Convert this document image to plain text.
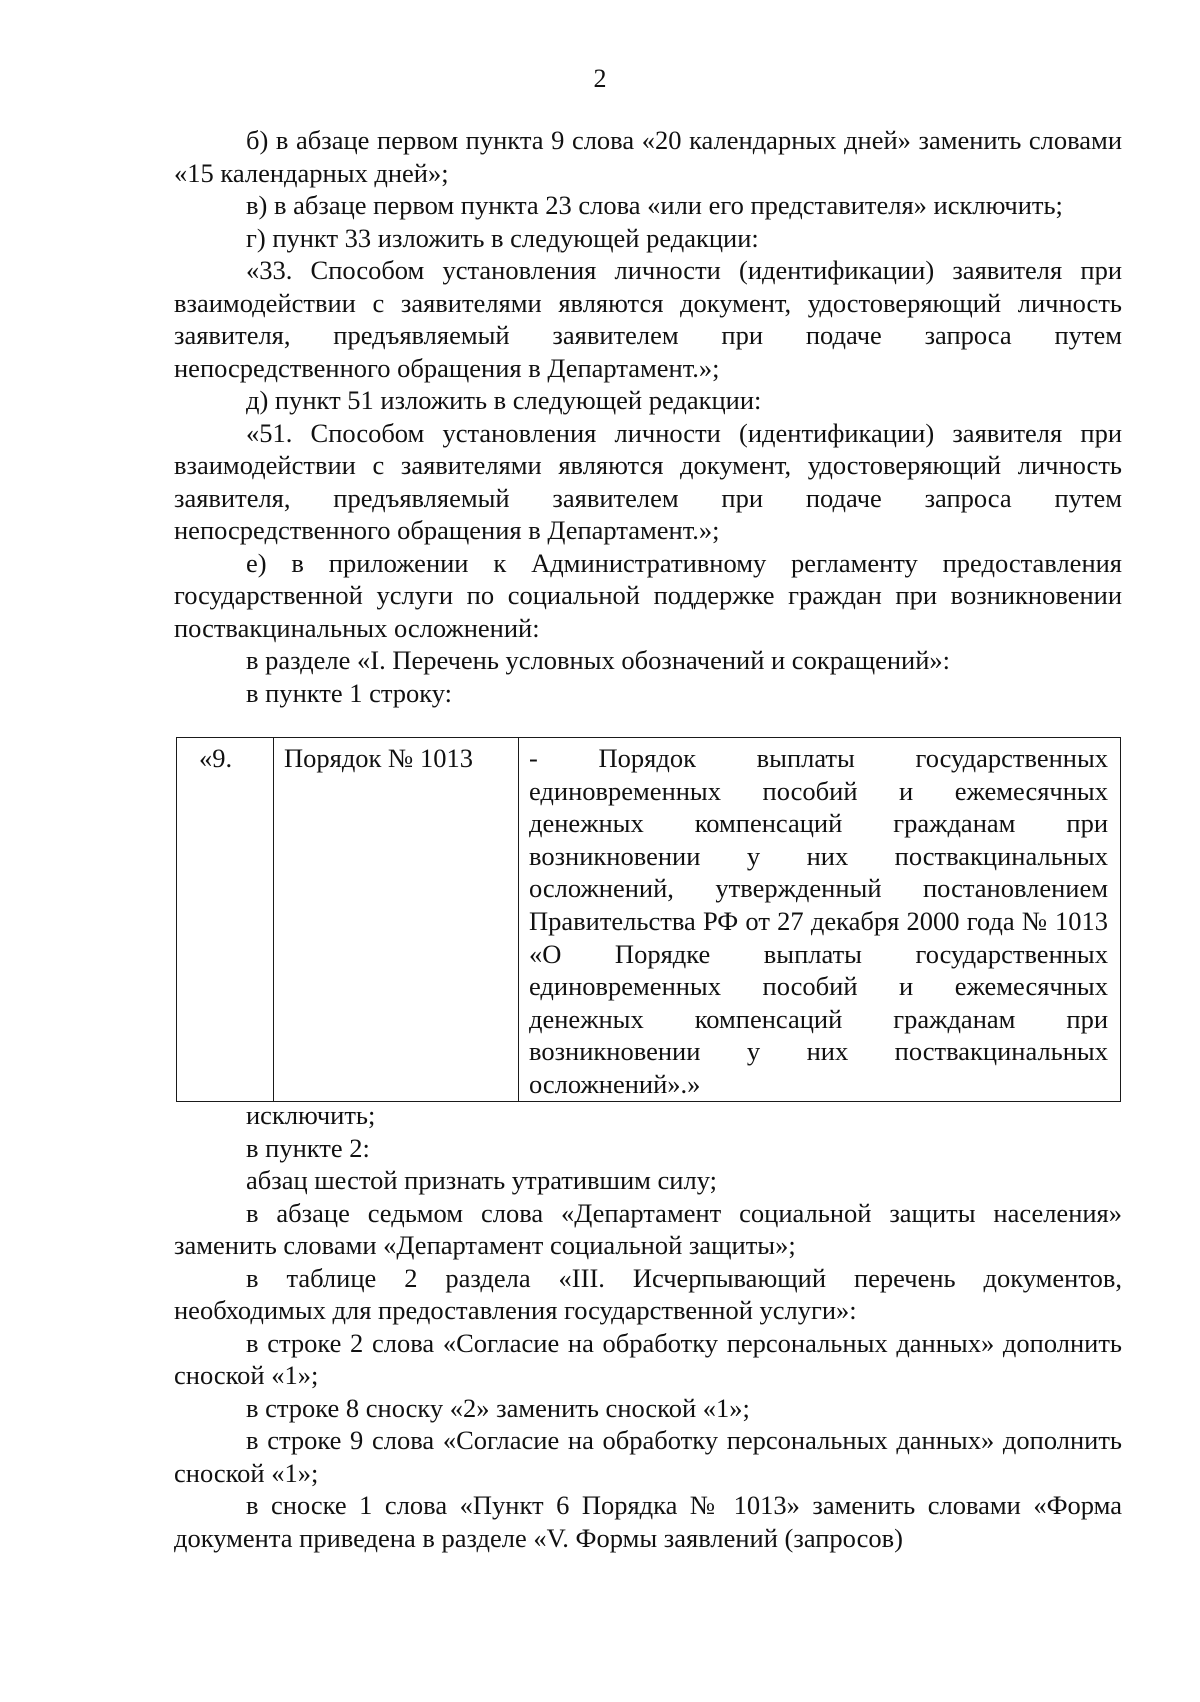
2

б) в абзаце первом пункта 9 слова «20 календарных дней» заменить словами «15 календарных дней»;

в) в абзаце первом пункта 23 слова «или его представителя» исключить;

г) пункт 33 изложить в следующей редакции:

«33. Способом установления личности (идентификации) заявителя при взаимодействии с заявителями являются документ, удостоверяющий личность заявителя, предъявляемый заявителем при подаче запроса путем непосредственного обращения в Департамент.»;

д) пункт 51 изложить в следующей редакции:

«51. Способом установления личности (идентификации) заявителя при взаимодействии с заявителями являются документ, удостоверяющий личность заявителя, предъявляемый заявителем при подаче запроса путем непосредственного обращения в Департамент.»;

е) в приложении к Административному регламенту предоставления государственной услуги по социальной поддержке граждан при возникновении поствакцинальных осложнений:

в разделе «I. Перечень условных обозначений и сокращений»:

в пункте 1 строку:

«9.	Порядок № 1013	- Порядок выплаты государственных единовременных пособий и ежемесячных денежных компенсаций гражданам при возникновении у них поствакцинальных осложнений, утвержденный постановлением Правительства РФ от 27 декабря 2000 года № 1013 «О Порядке выплаты государственных единовременных пособий и ежемесячных денежных компенсаций гражданам при возникновении у них поствакцинальных осложнений».»

исключить;

в пункте 2:

абзац шестой признать утратившим силу;

в абзаце седьмом слова «Департамент социальной защиты населения» заменить словами «Департамент социальной защиты»;

в таблице 2 раздела «III. Исчерпывающий перечень документов, необходимых для предоставления государственной услуги»:

в строке 2 слова «Согласие на обработку персональных данных» дополнить сноской «1»;

в строке 8 сноску «2» заменить сноской «1»;

в строке 9 слова «Согласие на обработку персональных данных» дополнить сноской «1»;

в сноске 1 слова «Пункт 6 Порядка № 1013» заменить словами «Форма документа приведена в разделе «V. Формы заявлений (запросов)
